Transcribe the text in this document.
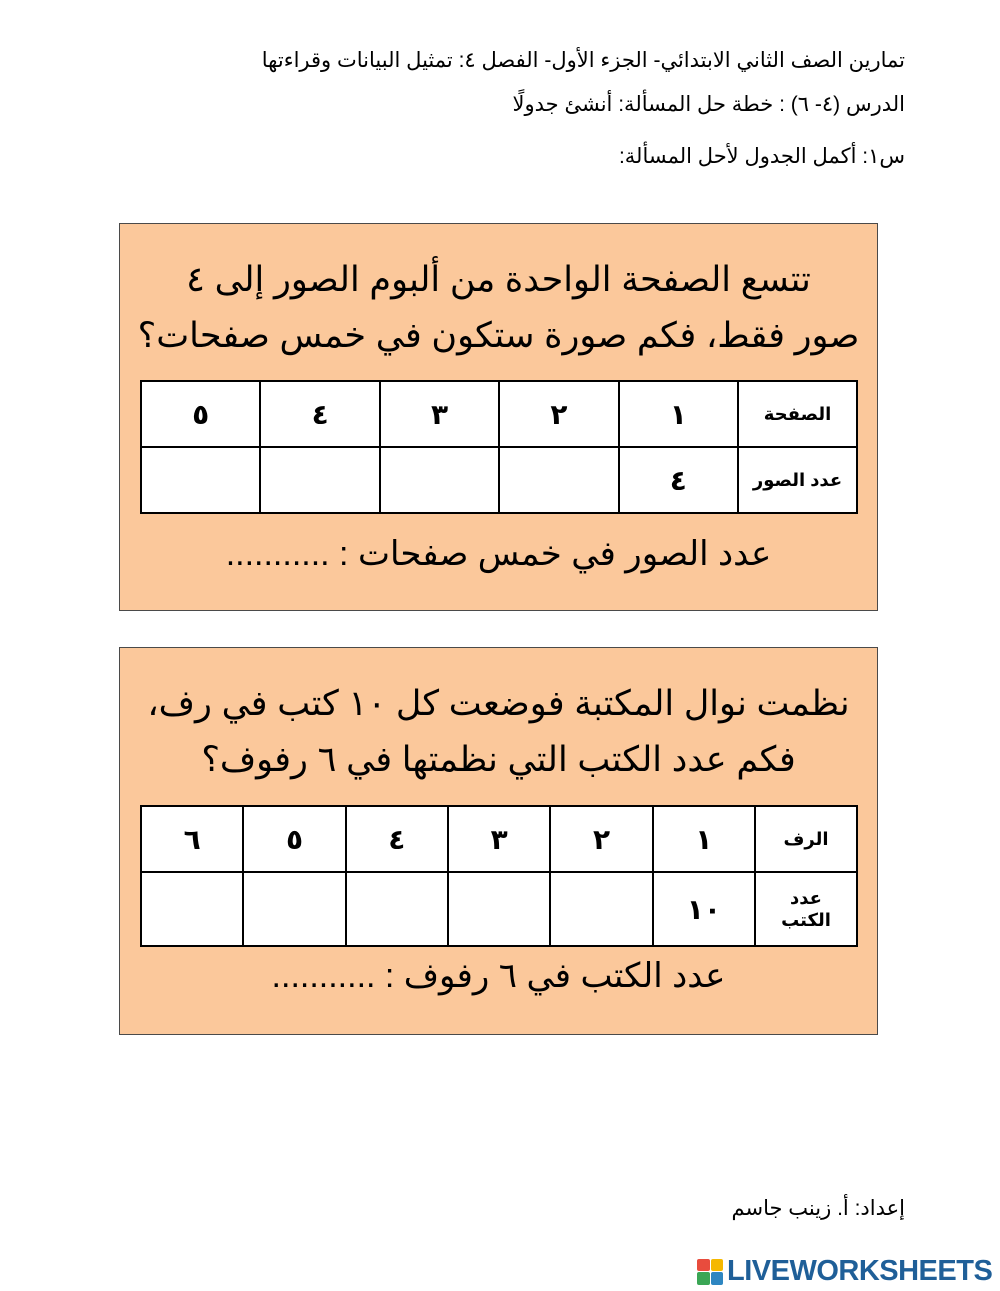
تمارين الصف الثاني الابتدائي- الجزء الأول- الفصل ٤: تمثيل البيانات وقراءتها
الدرس (٤- ٦) : خطة حل المسألة: أنشئ جدولًا
س١: أكمل الجدول لأحل المسألة:
تتسع الصفحة الواحدة من ألبوم الصور إلى ٤
صور فقط، فكم صورة ستكون في خمس صفحات؟
الصفحة	١	٢	٣	٤	٥
عدد الصور	٤				
عدد الصور في خمس صفحات : ...........
نظمت نوال المكتبة فوضعت كل ١٠ كتب في رف،
فكم عدد الكتب التي نظمتها في ٦ رفوف؟
الرف	١	٢	٣	٤	٥	٦

عدد
الكتب	١٠					
عدد الكتب في ٦ رفوف : ...........
إعداد: أ. زينب جاسم
LIVEWORKSHEETS
